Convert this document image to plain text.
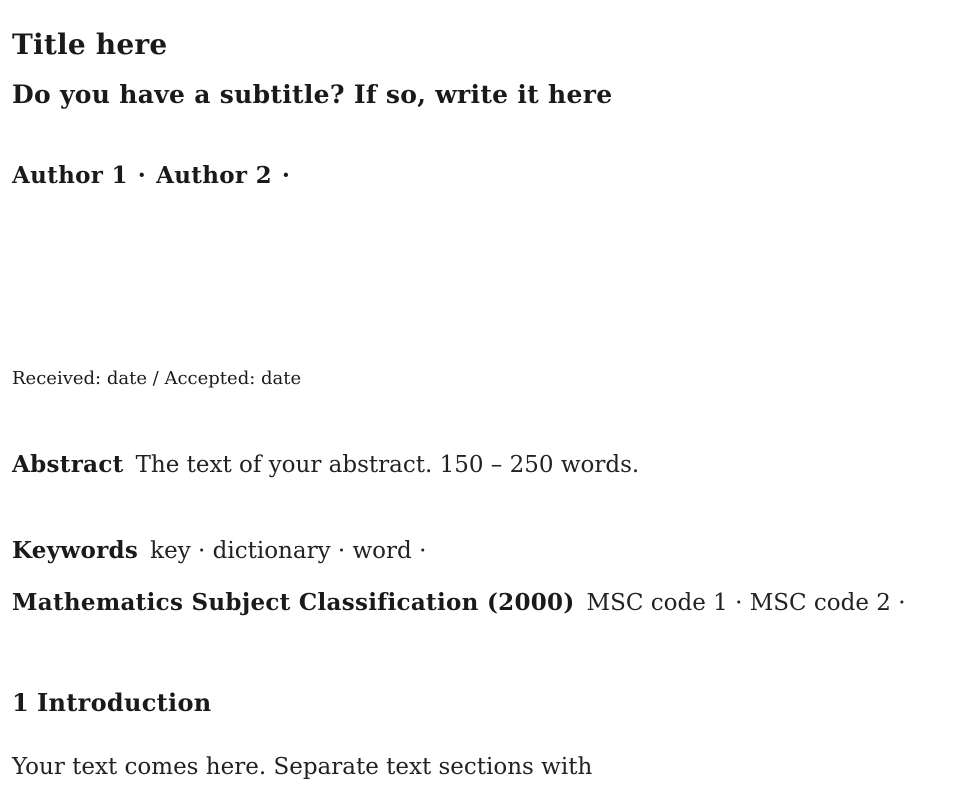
Title here
Do you have a subtitle? If so, write it here
Author 1 · Author 2 ·
Received: date / Accepted: date
Abstract The text of your abstract. 150 – 250 words.
Keywords key · dictionary · word ·
Mathematics Subject Classification (2000) MSC code 1 · MSC code 2 ·
1 Introduction
Your text comes here. Separate text sections with
